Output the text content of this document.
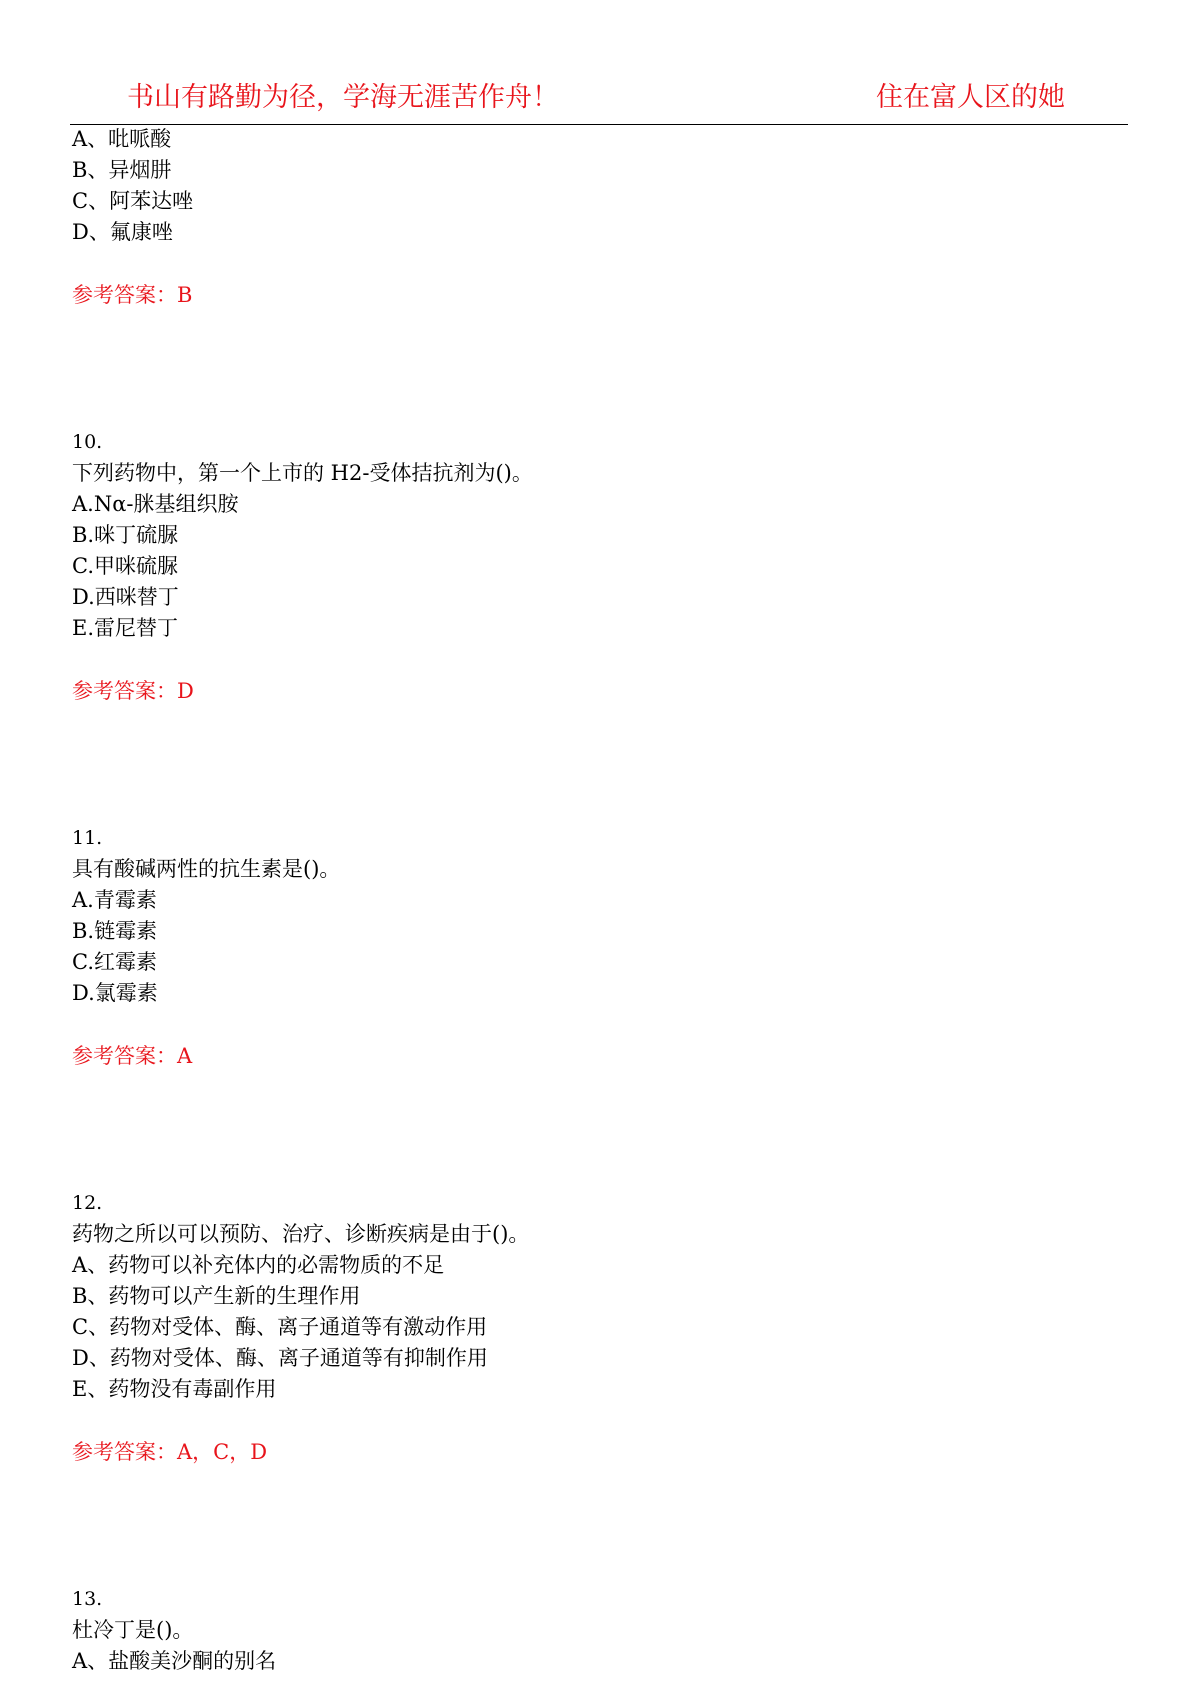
书山有路勤为径，学海无涯苦作舟！	住在富人区的她
A、吡哌酸
B、异烟肼
C、阿苯达唑
D、氟康唑
参考答案：B
10.
下列药物中，第一个上市的 H2-受体拮抗剂为()。
A.Nα-脒基组织胺
B.咪丁硫脲
C.甲咪硫脲
D.西咪替丁
E.雷尼替丁
参考答案：D
11.
具有酸碱两性的抗生素是()。
A.青霉素
B.链霉素
C.红霉素
D.氯霉素
参考答案：A
12.
药物之所以可以预防、治疗、诊断疾病是由于()。
A、药物可以补充体内的必需物质的不足
B、药物可以产生新的生理作用
C、药物对受体、酶、离子通道等有激动作用
D、药物对受体、酶、离子通道等有抑制作用
E、药物没有毒副作用
参考答案：A，C，D
13.
杜冷丁是()。
A、盐酸美沙酮的别名
